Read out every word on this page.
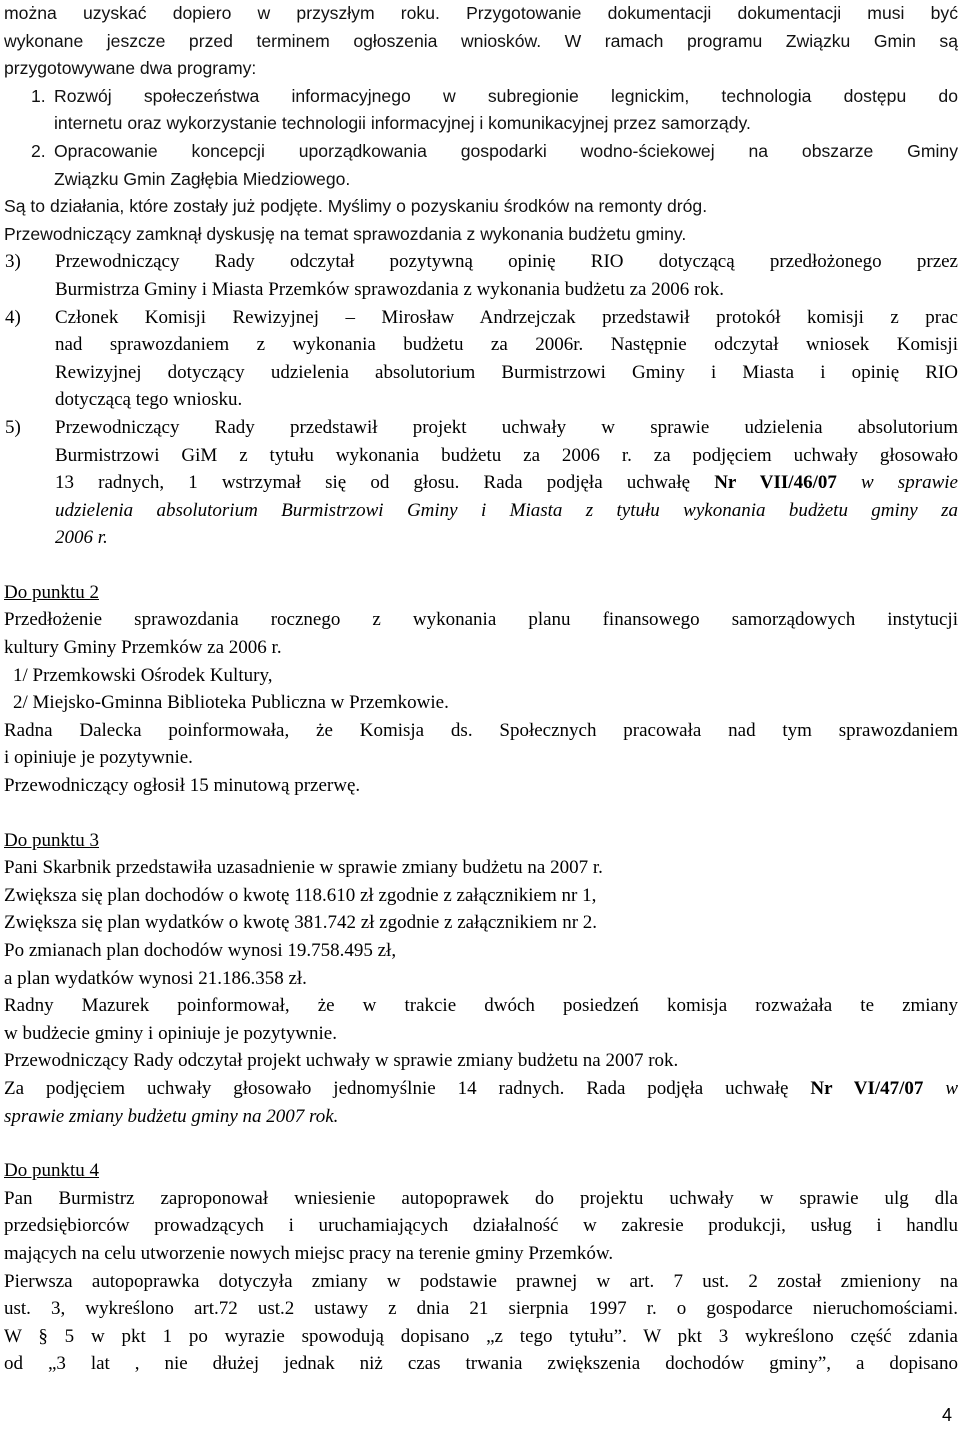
można uzyskać dopiero w przyszłym roku. Przygotowanie dokumentacji dokumentacji musi być

wykonane jeszcze przed terminem ogłoszenia wniosków. W ramach programu Związku Gmin są

przygotowywane dwa programy:

1. Rozwój społeczeństwa informacyjnego w subregionie legnickim, technologia dostępu do

internetu oraz wykorzystanie technologii informacyjnej i komunikacyjnej przez samorządy.

2. Opracowanie koncepcji uporządkowania gospodarki wodno-ściekowej na obszarze Gminy

Związku Gmin Zagłębia Miedziowego.

Są to działania, które zostały już podjęte. Myślimy o pozyskaniu środków na remonty dróg.

Przewodniczący zamknął dyskusję na temat sprawozdania z wykonania budżetu gminy.

3)	Przewodniczący Rady odczytał pozytywną opinię RIO dotyczącą przedłożonego przez

Burmistrza Gminy i Miasta Przemków sprawozdania z wykonania budżetu za 2006 rok.

4)	Członek Komisji Rewizyjnej – Mirosław Andrzejczak przedstawił protokół komisji z prac

nad sprawozdaniem z wykonania budżetu za 2006r. Następnie odczytał wniosek Komisji

Rewizyjnej dotyczący udzielenia absolutorium Burmistrzowi Gminy i Miasta i opinię RIO

dotyczącą tego wniosku.

5)	Przewodniczący Rady przedstawił projekt uchwały w sprawie udzielenia absolutorium

Burmistrzowi GiM z tytułu wykonania budżetu za 2006 r. za podjęciem uchwały głosowało

13 radnych, 1 wstrzymał się od głosu. Rada podjęła uchwałę Nr VII/46/07 w sprawie

udzielenia absolutorium Burmistrzowi Gminy i Miasta z tytułu wykonania budżetu gminy za

2006 r.

Do punktu 2

Przedłożenie sprawozdania rocznego z wykonania planu finansowego samorządowych instytucji

kultury Gminy Przemków za 2006 r.

1/ Przemkowski Ośrodek Kultury,

2/ Miejsko-Gminna Biblioteka Publiczna w Przemkowie.

Radna Dalecka poinformowała, że Komisja ds. Społecznych pracowała nad tym sprawozdaniem

i opiniuje je pozytywnie.

Przewodniczący ogłosił 15 minutową przerwę.

Do punktu 3

Pani Skarbnik przedstawiła uzasadnienie w sprawie zmiany budżetu na 2007 r.

Zwiększa się plan dochodów o kwotę 118.610 zł zgodnie z załącznikiem nr 1,

Zwiększa się plan wydatków o kwotę 381.742 zł zgodnie z załącznikiem nr 2.

Po zmianach plan dochodów wynosi 19.758.495 zł,

a plan wydatków wynosi 21.186.358 zł.

Radny Mazurek poinformował, że w trakcie dwóch posiedzeń komisja rozważała te zmiany

w budżecie gminy i opiniuje je pozytywnie.

Przewodniczący Rady odczytał projekt uchwały w sprawie zmiany budżetu na 2007 rok.

Za podjęciem uchwały głosowało jednomyślnie 14 radnych. Rada podjęła uchwałę Nr VI/47/07 w

sprawie zmiany budżetu gminy na 2007 rok.

Do punktu 4

Pan Burmistrz zaproponował wniesienie autopoprawek do projektu uchwały w sprawie ulg dla

przedsiębiorców prowadzących i uruchamiających działalność w zakresie produkcji, usług i handlu

mających na celu utworzenie nowych miejsc pracy na terenie gminy Przemków.

Pierwsza autopoprawka dotyczyła zmiany w podstawie prawnej w art. 7 ust. 2 został zmieniony na

ust. 3, wykreślono art.72 ust.2 ustawy z dnia 21 sierpnia 1997 r. o gospodarce nieruchomościami.

W § 5 w pkt 1 po wyrazie spowodują dopisano „z tego tytułu”. W pkt 3 wykreślono część zdania

od „3 lat , nie dłużej jednak niż czas trwania zwiększenia dochodów gminy”, a dopisano

4
